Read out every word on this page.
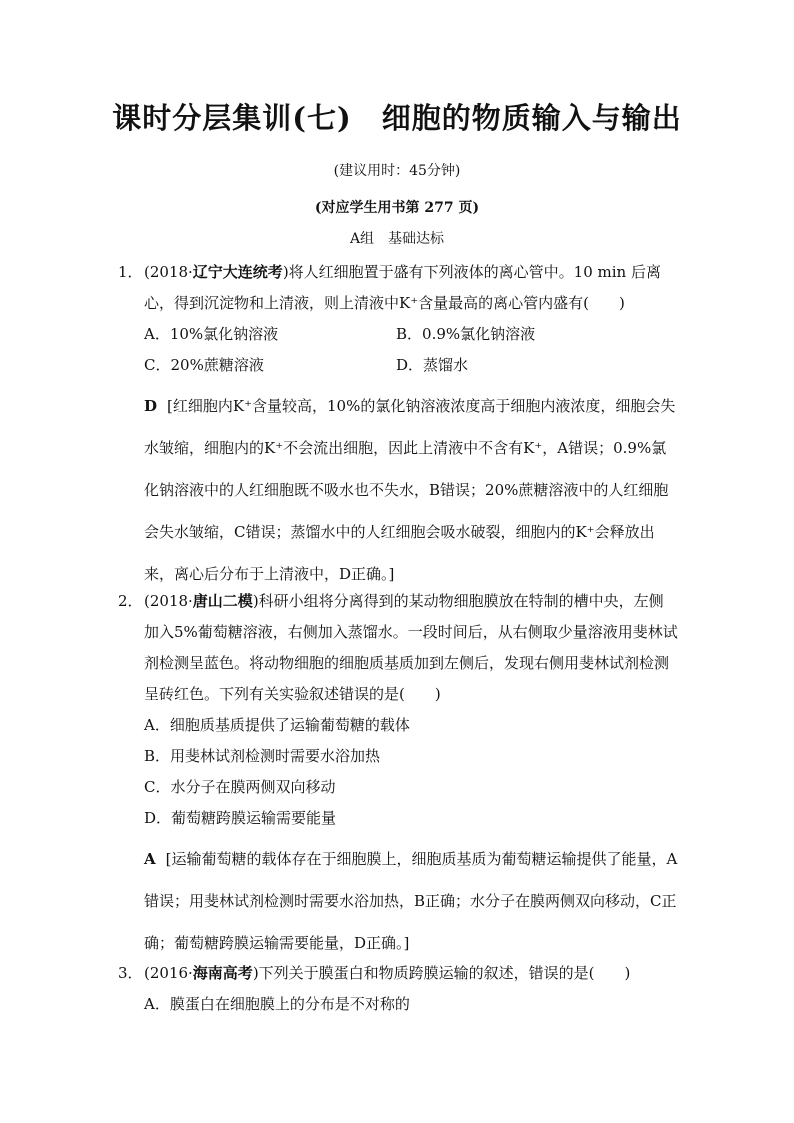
课时分层集训(七)　细胞的物质输入与输出
(建议用时：45分钟)
(对应学生用书第 277 页)
A组　基础达标
1． (2018·辽宁大连统考)将人红细胞置于盛有下列液体的离心管中。10 min 后离心，得到沉淀物和上清液，则上清液中K⁺含量最高的离心管内盛有(　　)
A．10%氯化钠溶液	B．0.9%氯化钠溶液
C．20%蔗糖溶液	D．蒸馏水
D [红细胞内K⁺含量较高，10%的氯化钠溶液浓度高于细胞内液浓度，细胞会失水皱缩，细胞内的K⁺不会流出细胞，因此上清液中不含有K⁺，A错误；0.9%氯化钠溶液中的人红细胞既不吸水也不失水，B错误；20%蔗糖溶液中的人红细胞会失水皱缩，C错误；蒸馏水中的人红细胞会吸水破裂，细胞内的K⁺会释放出来，离心后分布于上清液中，D正确。]
2． (2018·唐山二模)科研小组将分离得到的某动物细胞膜放在特制的槽中央，左侧加入5%葡萄糖溶液，右侧加入蒸馏水。一段时间后，从右侧取少量溶液用斐林试剂检测呈蓝色。将动物细胞的细胞质基质加到左侧后，发现右侧用斐林试剂检测呈砖红色。下列有关实验叙述错误的是(　　)
A．细胞质基质提供了运输葡萄糖的载体
B．用斐林试剂检测时需要水浴加热
C．水分子在膜两侧双向移动
D．葡萄糖跨膜运输需要能量
A [运输葡萄糖的载体存在于细胞膜上，细胞质基质为葡萄糖运输提供了能量，A错误；用斐林试剂检测时需要水浴加热，B正确；水分子在膜两侧双向移动，C正确；葡萄糖跨膜运输需要能量，D正确。]
3． (2016·海南高考)下列关于膜蛋白和物质跨膜运输的叙述，错误的是(　　)
A．膜蛋白在细胞膜上的分布是不对称的
